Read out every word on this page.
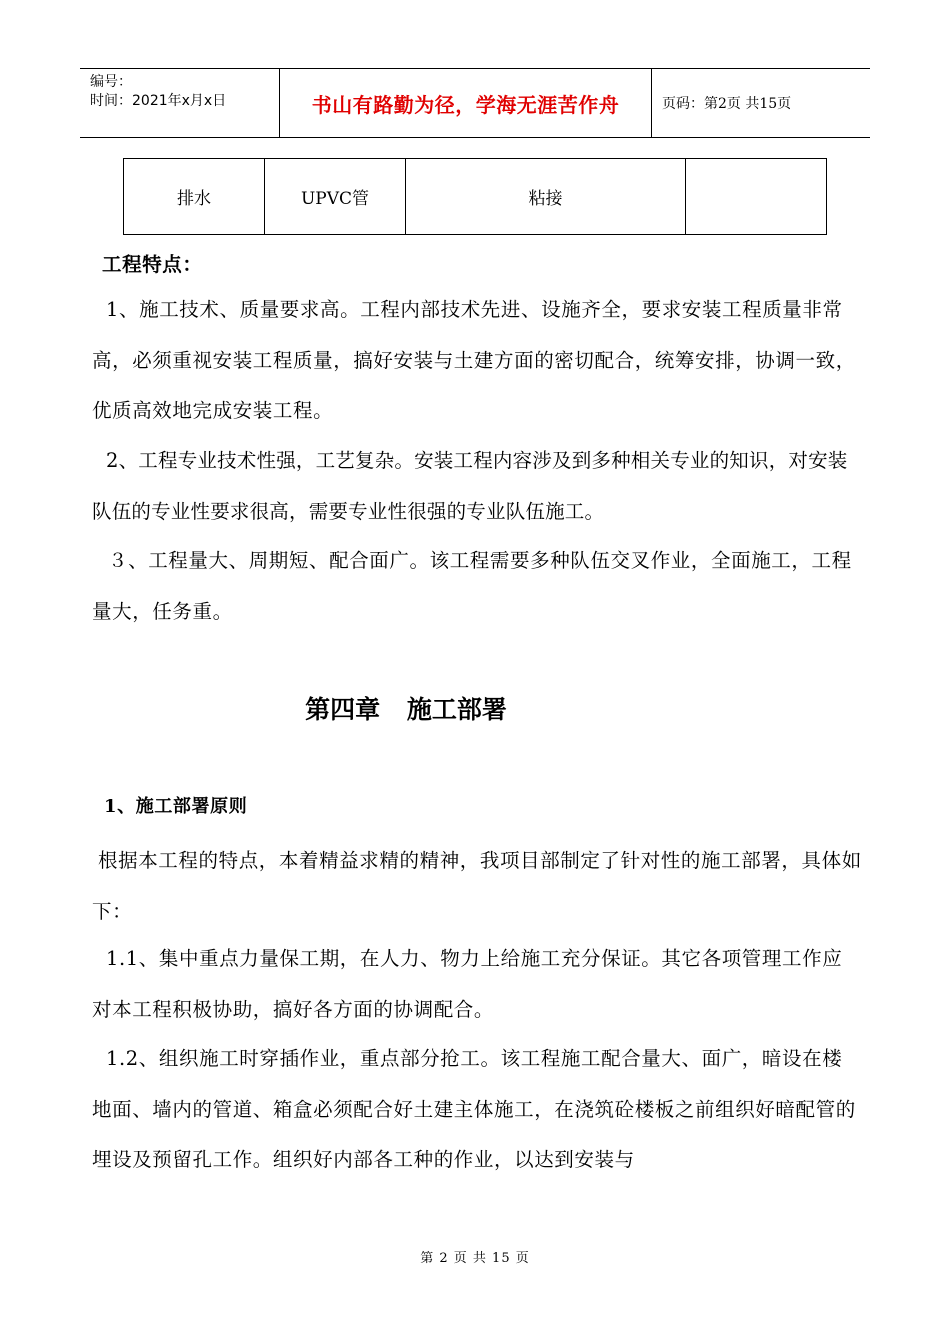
编号：
时间：2021年x月x日	书山有路勤为径，学海无涯苦作舟	页码：第2页 共15页
排水	UPVC管	粘接	
工程特点：
1、施工技术、质量要求高。工程内部技术先进、设施齐全，要求安装工程质量非常高，必须重视安装工程质量，搞好安装与土建方面的密切配合，统筹安排，协调一致，优质高效地完成安装工程。
2、工程专业技术性强，工艺复杂。安装工程内容涉及到多种相关专业的知识，对安装队伍的专业性要求很高，需要专业性很强的专业队伍施工。
３、工程量大、周期短、配合面广。该工程需要多种队伍交叉作业，全面施工，工程量大，任务重。
第四章 施工部署
1、施工部署原则
根据本工程的特点，本着精益求精的精神，我项目部制定了针对性的施工部署，具体如下：
1.1、集中重点力量保工期，在人力、物力上给施工充分保证。其它各项管理工作应对本工程积极协助，搞好各方面的协调配合。
1.2、组织施工时穿插作业，重点部分抢工。该工程施工配合量大、面广，暗设在楼地面、墙内的管道、箱盒必须配合好土建主体施工，在浇筑砼楼板之前组织好暗配管的埋设及预留孔工作。组织好内部各工种的作业，以达到安装与
第 2 页 共 15 页
